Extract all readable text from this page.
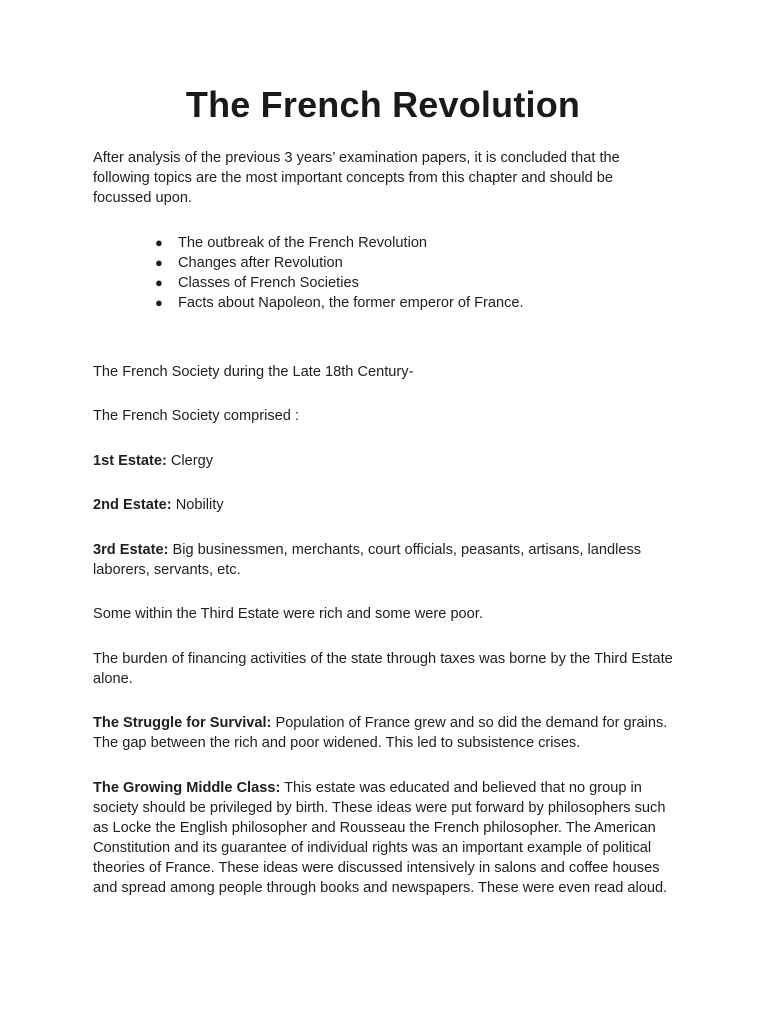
The French Revolution

After analysis of the previous 3 years’ examination papers, it is concluded that the following topics are the most important concepts from this chapter and should be focussed upon.

● The outbreak of the French Revolution
● Changes after Revolution
● Classes of French Societies
● Facts about Napoleon, the former emperor of France.

The French Society during the Late 18th Century-

The French Society comprised :

1st Estate: Clergy

2nd Estate: Nobility

3rd Estate: Big businessmen, merchants, court officials, peasants, artisans, landless laborers, servants, etc.

Some within the Third Estate were rich and some were poor.

The burden of financing activities of the state through taxes was borne by the Third Estate alone.

The Struggle for Survival: Population of France grew and so did the demand for grains. The gap between the rich and poor widened. This led to subsistence crises.

The Growing Middle Class: This estate was educated and believed that no group in society should be privileged by birth. These ideas were put forward by philosophers such as Locke the English philosopher and Rousseau the French philosopher. The American Constitution and its guarantee of individual rights was an important example of political theories of France. These ideas were discussed intensively in salons and coffee houses and spread among people through books and newspapers. These were even read aloud.
